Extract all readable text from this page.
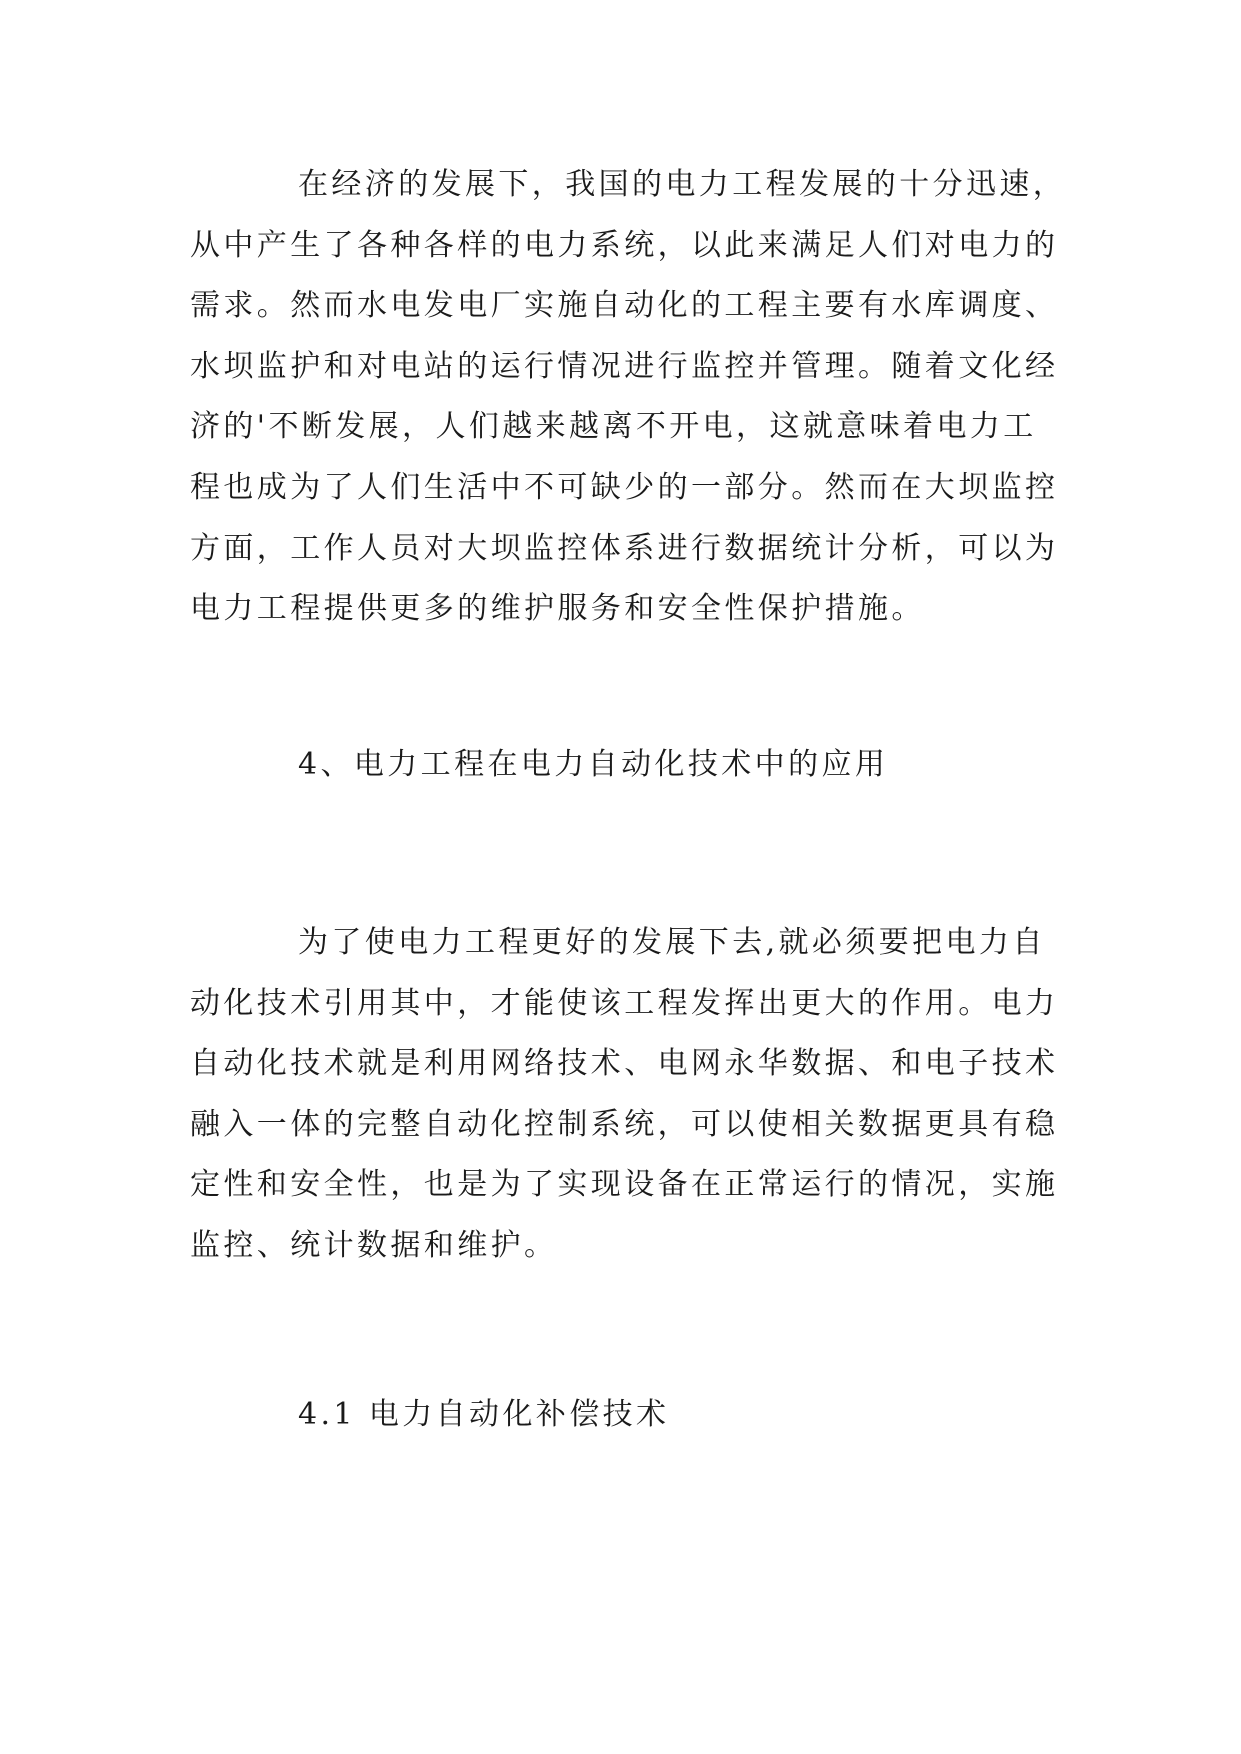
在经济的发展下，我国的电力工程发展的十分迅速，
从中产生了各种各样的电力系统，以此来满足人们对电力的
需求。然而水电发电厂实施自动化的工程主要有水库调度、
水坝监护和对电站的运行情况进行监控并管理。随着文化经
济的'不断发展，人们越来越离不开电，这就意味着电力工
程也成为了人们生活中不可缺少的一部分。然而在大坝监控
方面，工作人员对大坝监控体系进行数据统计分析，可以为
电力工程提供更多的维护服务和安全性保护措施。
4、电力工程在电力自动化技术中的应用
为了使电力工程更好的发展下去,就必须要把电力自
动化技术引用其中，才能使该工程发挥出更大的作用。电力
自动化技术就是利用网络技术、电网永华数据、和电子技术
融入一体的完整自动化控制系统，可以使相关数据更具有稳
定性和安全性，也是为了实现设备在正常运行的情况，实施
监控、统计数据和维护。
4.1 电力自动化补偿技术
